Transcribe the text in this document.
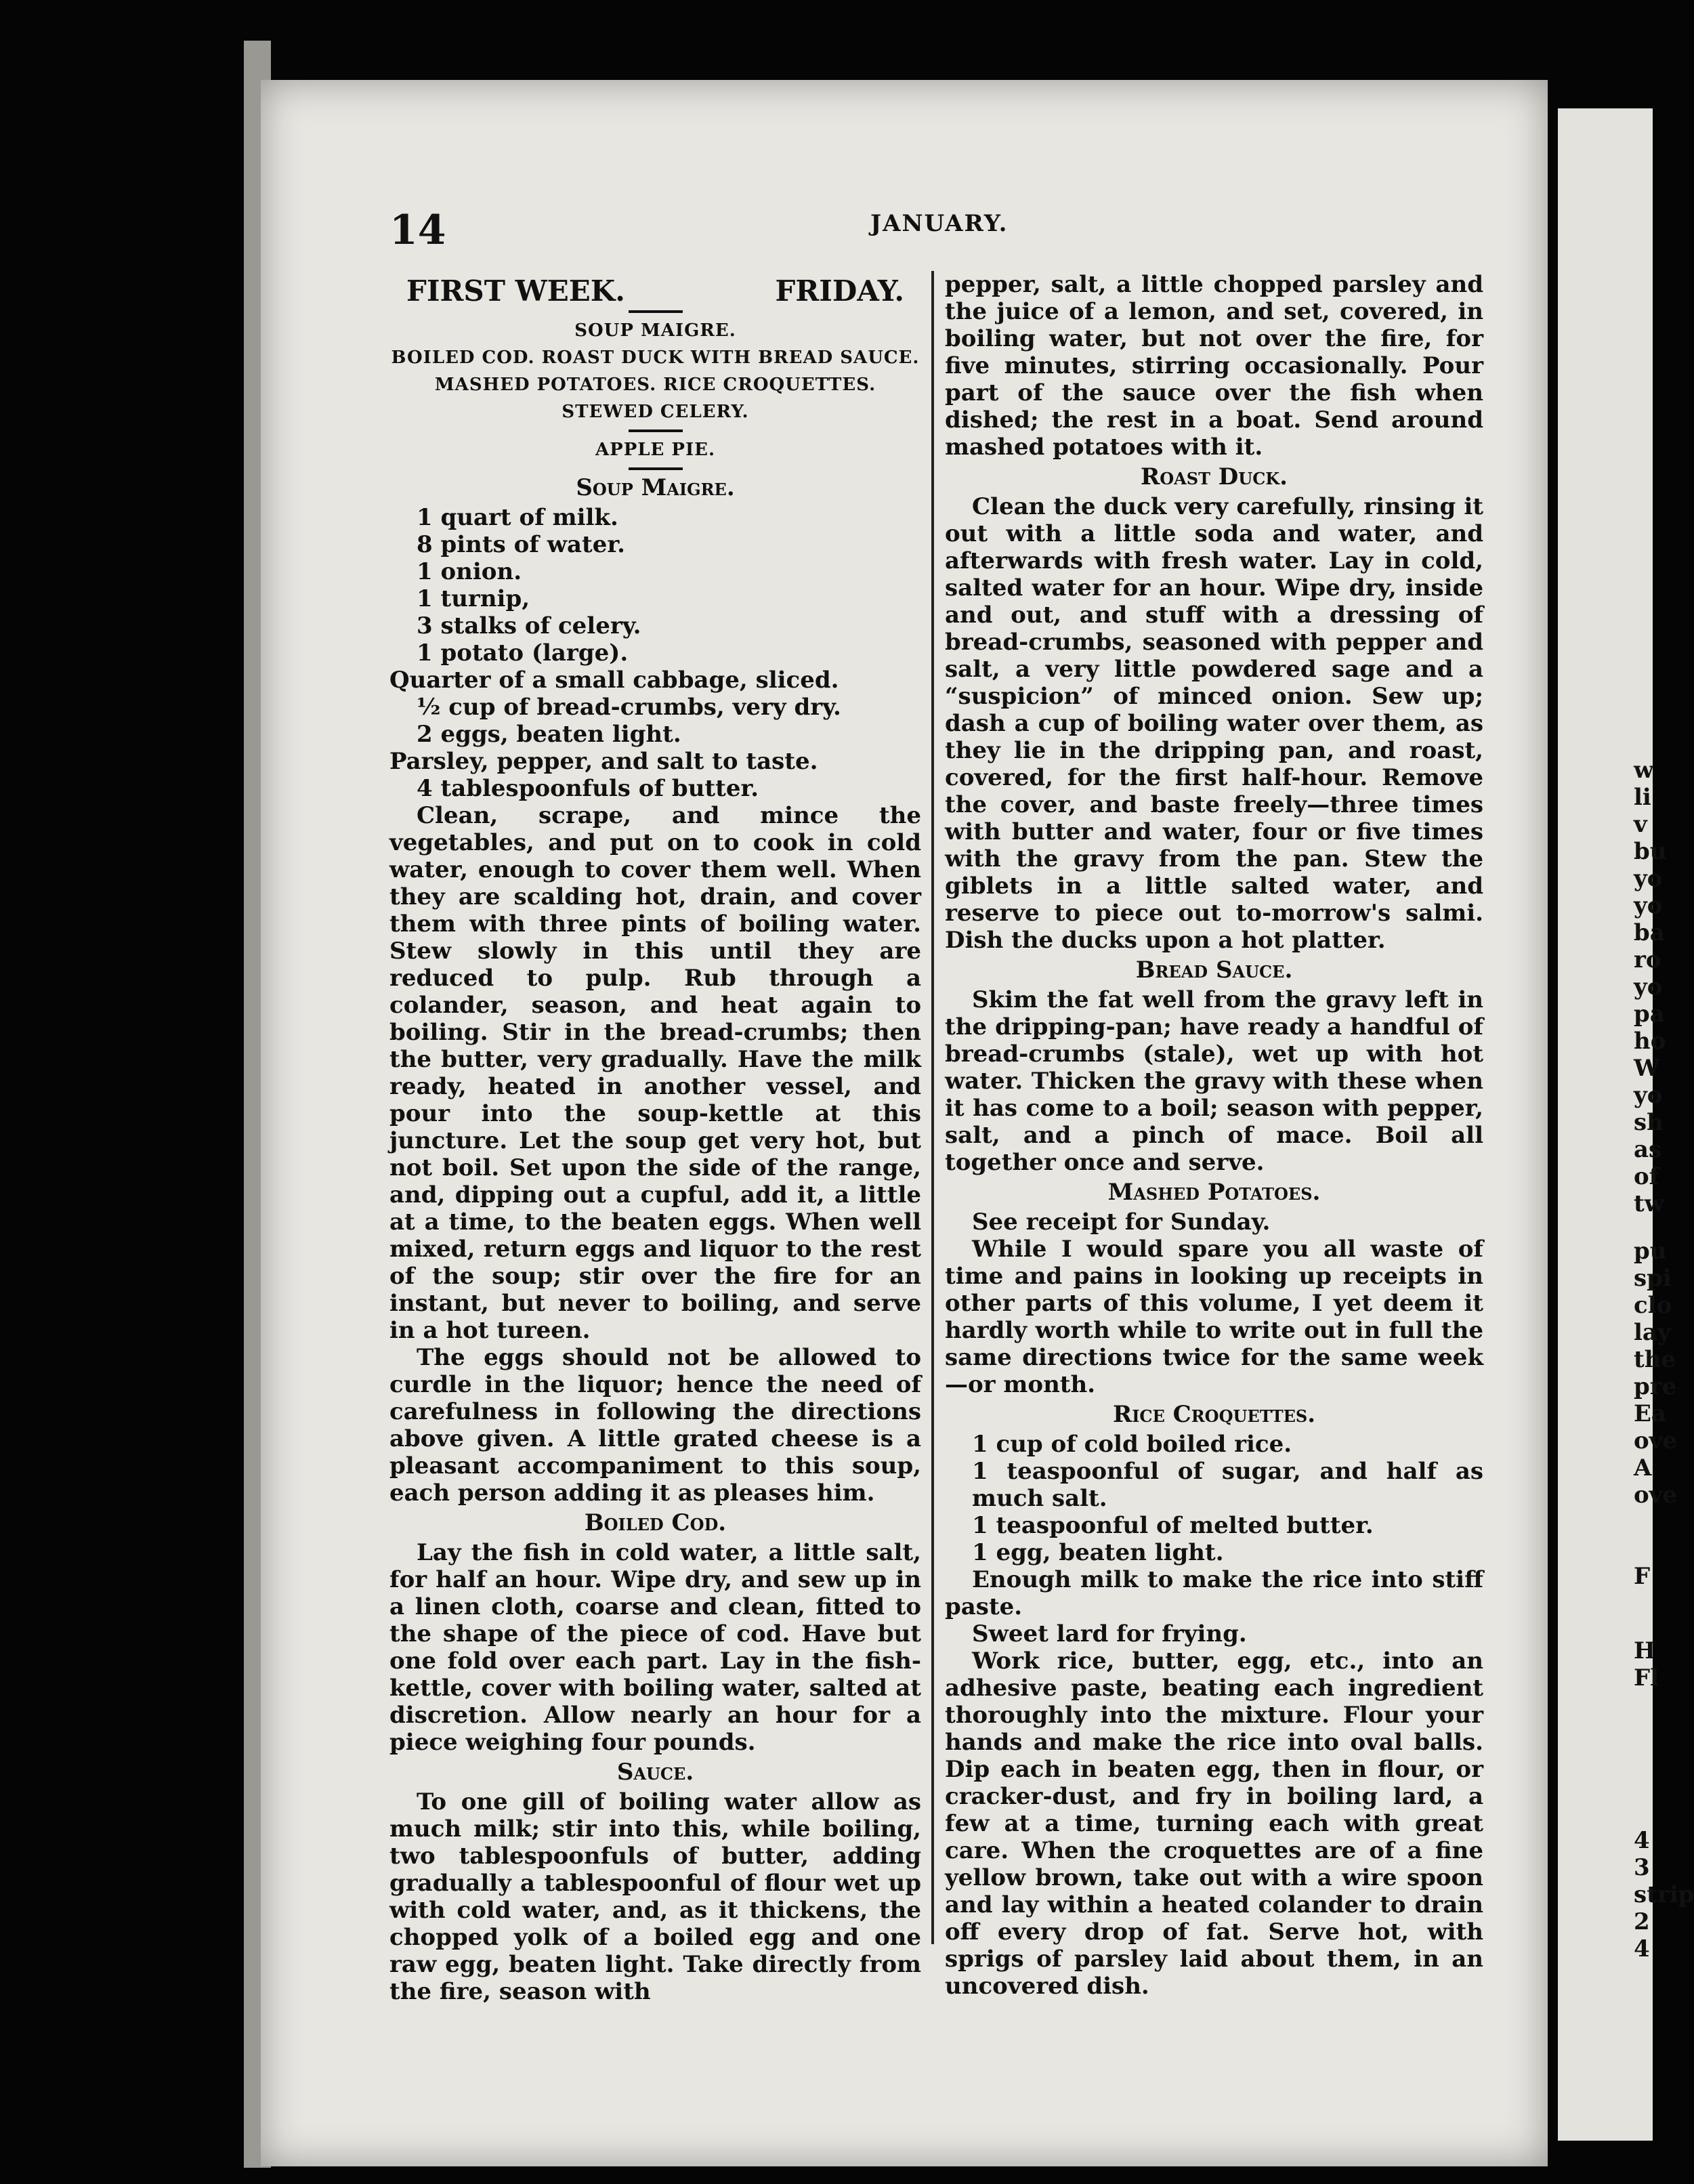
14	JANUARY.
FIRST WEEK.	FRIDAY.
SOUP MAIGRE.
BOILED COD. ROAST DUCK WITH BREAD SAUCE.
MASHED POTATOES. RICE CROQUETTES.
STEWED CELERY.
APPLE PIE.
Soup Maigre.
1 quart of milk.
8 pints of water.
1 onion.
1 turnip,
3 stalks of celery.
1 potato (large).
Quarter of a small cabbage, sliced.
½ cup of bread-crumbs, very dry.
2 eggs, beaten light.
Parsley, pepper, and salt to taste.
4 tablespoonfuls of butter.

Clean, scrape, and mince the vegetables, and put on to cook in cold water, enough to cover them well. When they are scalding hot, drain, and cover them with three pints of boiling water. Stew slowly in this until they are reduced to pulp. Rub through a colander, season, and heat again to boiling. Stir in the bread-crumbs; then the butter, very gradually. Have the milk ready, heated in another vessel, and pour into the soup-kettle at this juncture. Let the soup get very hot, but not boil. Set upon the side of the range, and, dipping out a cupful, add it, a little at a time, to the beaten eggs. When well mixed, return eggs and liquor to the rest of the soup; stir over the fire for an instant, but never to boiling, and serve in a hot tureen.

The eggs should not be allowed to curdle in the liquor; hence the need of carefulness in following the directions above given. A little grated cheese is a pleasant accompaniment to this soup, each person adding it as pleases him.

Boiled Cod.

Lay the fish in cold water, a little salt, for half an hour. Wipe dry, and sew up in a linen cloth, coarse and clean, fitted to the shape of the piece of cod. Have but one fold over each part. Lay in the fish-kettle, cover with boiling water, salted at discretion. Allow nearly an hour for a piece weighing four pounds.

Sauce.

To one gill of boiling water allow as much milk; stir into this, while boiling, two tablespoonfuls of butter, adding gradually a tablespoonful of flour wet up with cold water, and, as it thickens, the chopped yolk of a boiled egg and one raw egg, beaten light. Take directly from the fire, season with

pepper, salt, a little chopped parsley and the juice of a lemon, and set, covered, in boiling water, but not over the fire, for five minutes, stirring occasionally. Pour part of the sauce over the fish when dished; the rest in a boat. Send around mashed potatoes with it.

Roast Duck.

Clean the duck very carefully, rinsing it out with a little soda and water, and afterwards with fresh water. Lay in cold, salted water for an hour. Wipe dry, inside and out, and stuff with a dressing of bread-crumbs, seasoned with pepper and salt, a very little powdered sage and a “suspicion” of minced onion. Sew up; dash a cup of boiling water over them, as they lie in the dripping pan, and roast, covered, for the first half-hour. Remove the cover, and baste freely—three times with butter and water, four or five times with the gravy from the pan. Stew the giblets in a little salted water, and reserve to piece out to-morrow's salmi. Dish the ducks upon a hot platter.

Bread Sauce.

Skim the fat well from the gravy left in the dripping-pan; have ready a handful of bread-crumbs (stale), wet up with hot water. Thicken the gravy with these when it has come to a boil; season with pepper, salt, and a pinch of mace. Boil all together once and serve.

Mashed Potatoes.

See receipt for Sunday.

While I would spare you all waste of time and pains in looking up receipts in other parts of this volume, I yet deem it hardly worth while to write out in full the same directions twice for the same week—or month.

Rice Croquettes.
1 cup of cold boiled rice.
1 teaspoonful of sugar, and half as much salt.
1 teaspoonful of melted butter.
1 egg, beaten light.

Enough milk to make the rice into stiff paste.

Sweet lard for frying.

Work rice, butter, egg, etc., into an adhesive paste, beating each ingredient thoroughly into the mixture. Flour your hands and make the rice into oval balls. Dip each in beaten egg, then in flour, or cracker-dust, and fry in boiling lard, a few at a time, turning each with great care. When the croquettes are of a fine yellow brown, take out with a wire spoon and lay within a heated colander to drain off every drop of fat. Serve hot, with sprigs of parsley laid about them, in an uncovered dish.

w
li
v
bu
yo
yo
ba
ro
yo
pa
ho
W
yo
sh
as
of
tw
pu
spi
clo
lay
the
pre
Ea
ove
A
ove
F
H
Fl
4
3
strip
2
4
